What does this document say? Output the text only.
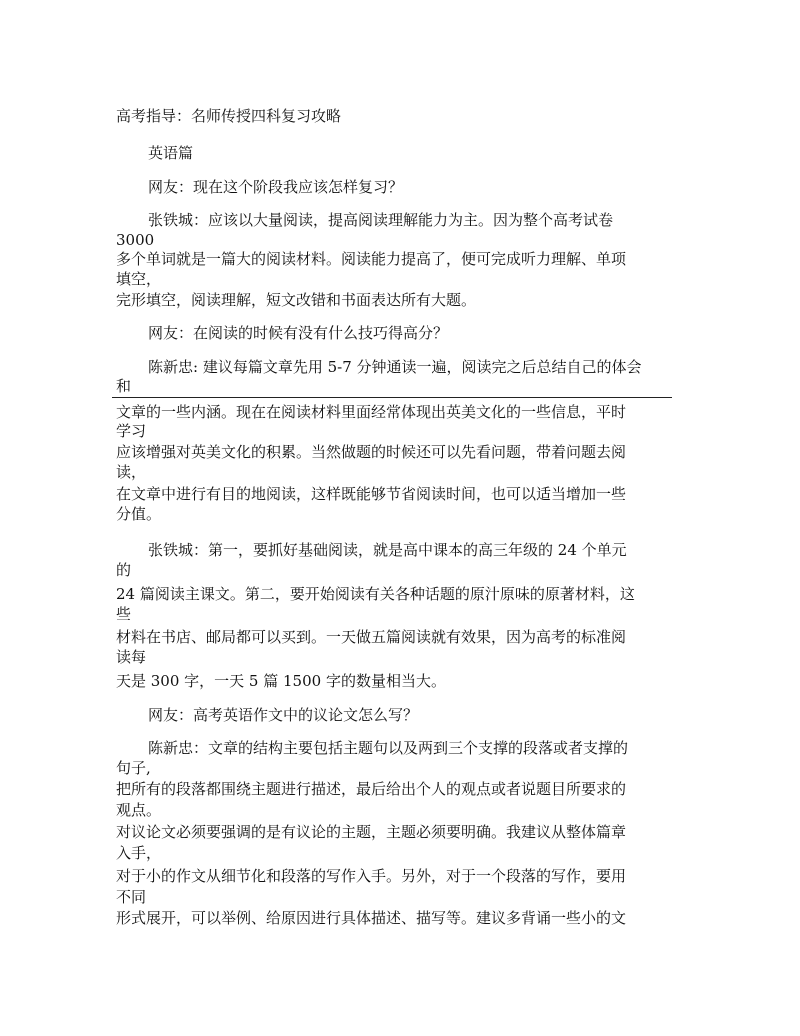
高考指导：名师传授四科复习攻略
英语篇
网友：现在这个阶段我应该怎样复习？
张铁城：应该以大量阅读，提高阅读理解能力为主。因为整个高考试卷
3000
多个单词就是一篇大的阅读材料。阅读能力提高了，便可完成听力理解、单项
填空，
完形填空，阅读理解，短文改错和书面表达所有大题。
网友：在阅读的时候有没有什么技巧得高分？
陈新忠: 建议每篇文章先用 5-7 分钟通读一遍，阅读完之后总结自己的体会
和
文章的一些内涵。现在在阅读材料里面经常体现出英美文化的一些信息，平时
学习
应该增强对英美文化的积累。当然做题的时候还可以先看问题，带着问题去阅
读，
在文章中进行有目的地阅读，这样既能够节省阅读时间，也可以适当增加一些
分值。
张铁城：第一，要抓好基础阅读，就是高中课本的高三年级的 24 个单元
的
24 篇阅读主课文。第二，要开始阅读有关各种话题的原汁原味的原著材料，这
些
材料在书店、邮局都可以买到。一天做五篇阅读就有效果，因为高考的标准阅
读每
天是 300 字，一天 5 篇 1500 字的数量相当大。
网友：高考英语作文中的议论文怎么写？
陈新忠：文章的结构主要包括主题句以及两到三个支撑的段落或者支撑的
句子,
把所有的段落都围绕主题进行描述，最后给出个人的观点或者说题目所要求的
观点。
对议论文必须要强调的是有议论的主题，主题必须要明确。我建议从整体篇章
入手，
对于小的作文从细节化和段落的写作入手。另外，对于一个段落的写作，要用
不同
形式展开，可以举例、给原因进行具体描述、描写等。建议多背诵一些小的文
